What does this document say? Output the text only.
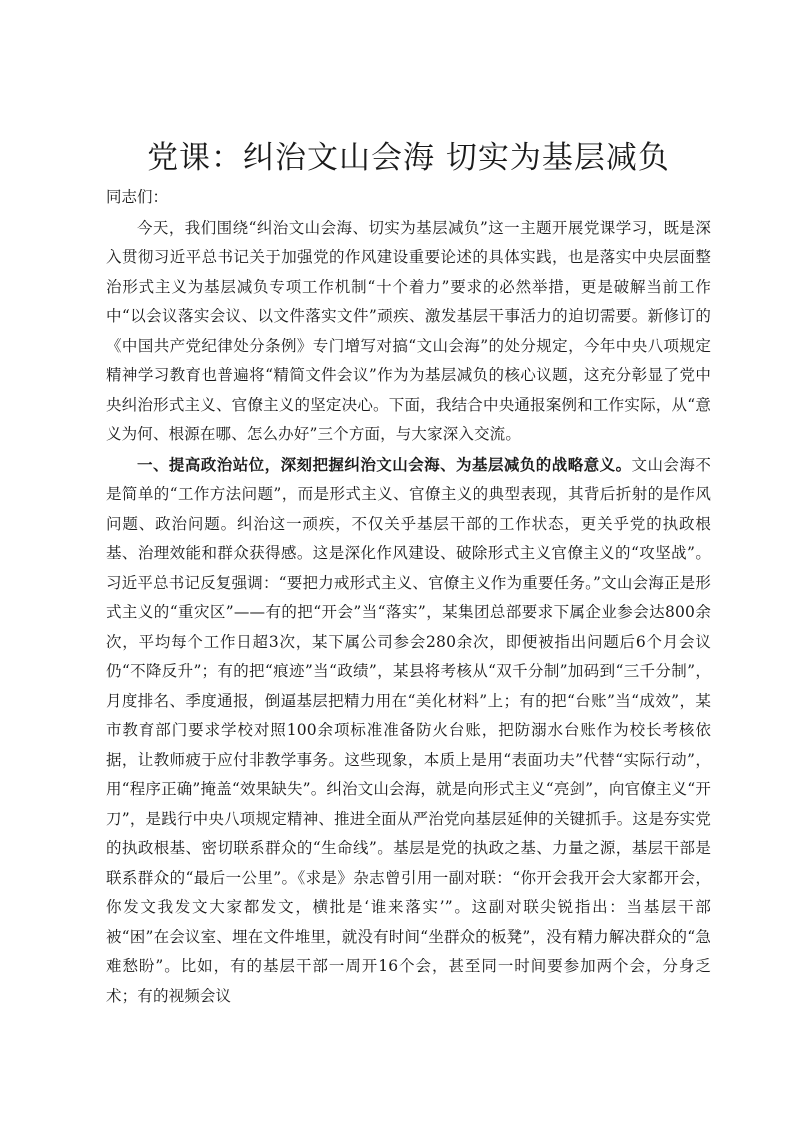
党课：纠治文山会海 切实为基层减负

同志们：

今天，我们围绕“纠治文山会海、切实为基层减负”这一主题开展党课学习，既是深入贯彻习近平总书记关于加强党的作风建设重要论述的具体实践，也是落实中央层面整治形式主义为基层减负专项工作机制“十个着力”要求的必然举措，更是破解当前工作中“以会议落实会议、以文件落实文件”顽疾、激发基层干事活力的迫切需要。新修订的《中国共产党纪律处分条例》专门增写对搞“文山会海”的处分规定，今年中央八项规定精神学习教育也普遍将“精简文件会议”作为为基层减负的核心议题，这充分彰显了党中央纠治形式主义、官僚主义的坚定决心。下面，我结合中央通报案例和工作实际，从“意义为何、根源在哪、怎么办好”三个方面，与大家深入交流。

一、提高政治站位，深刻把握纠治文山会海、为基层减负的战略意义。文山会海不是简单的“工作方法问题”，而是形式主义、官僚主义的典型表现，其背后折射的是作风问题、政治问题。纠治这一顽疾，不仅关乎基层干部的工作状态，更关乎党的执政根基、治理效能和群众获得感。这是深化作风建设、破除形式主义官僚主义的“攻坚战”。习近平总书记反复强调：“要把力戒形式主义、官僚主义作为重要任务。”文山会海正是形式主义的“重灾区”——有的把“开会”当“落实”，某集团总部要求下属企业参会达800余次，平均每个工作日超3次，某下属公司参会280余次，即便被指出问题后6个月会议仍“不降反升”；有的把“痕迹”当“政绩”，某县将考核从“双千分制”加码到“三千分制”，月度排名、季度通报，倒逼基层把精力用在“美化材料”上；有的把“台账”当“成效”，某市教育部门要求学校对照100余项标准准备防火台账，把防溺水台账作为校长考核依据，让教师疲于应付非教学事务。这些现象，本质上是用“表面功夫”代替“实际行动”，用“程序正确”掩盖“效果缺失”。纠治文山会海，就是向形式主义“亮剑”，向官僚主义“开刀”，是践行中央八项规定精神、推进全面从严治党向基层延伸的关键抓手。这是夯实党的执政根基、密切联系群众的“生命线”。基层是党的执政之基、力量之源，基层干部是联系群众的“最后一公里”。《求是》杂志曾引用一副对联：“你开会我开会大家都开会，你发文我发文大家都发文，横批是‘谁来落实’”。这副对联尖锐指出：当基层干部被“困”在会议室、埋在文件堆里，就没有时间“坐群众的板凳”，没有精力解决群众的“急难愁盼”。比如，有的基层干部一周开16个会，甚至同一时间要参加两个会，分身乏术；有的视频会议
